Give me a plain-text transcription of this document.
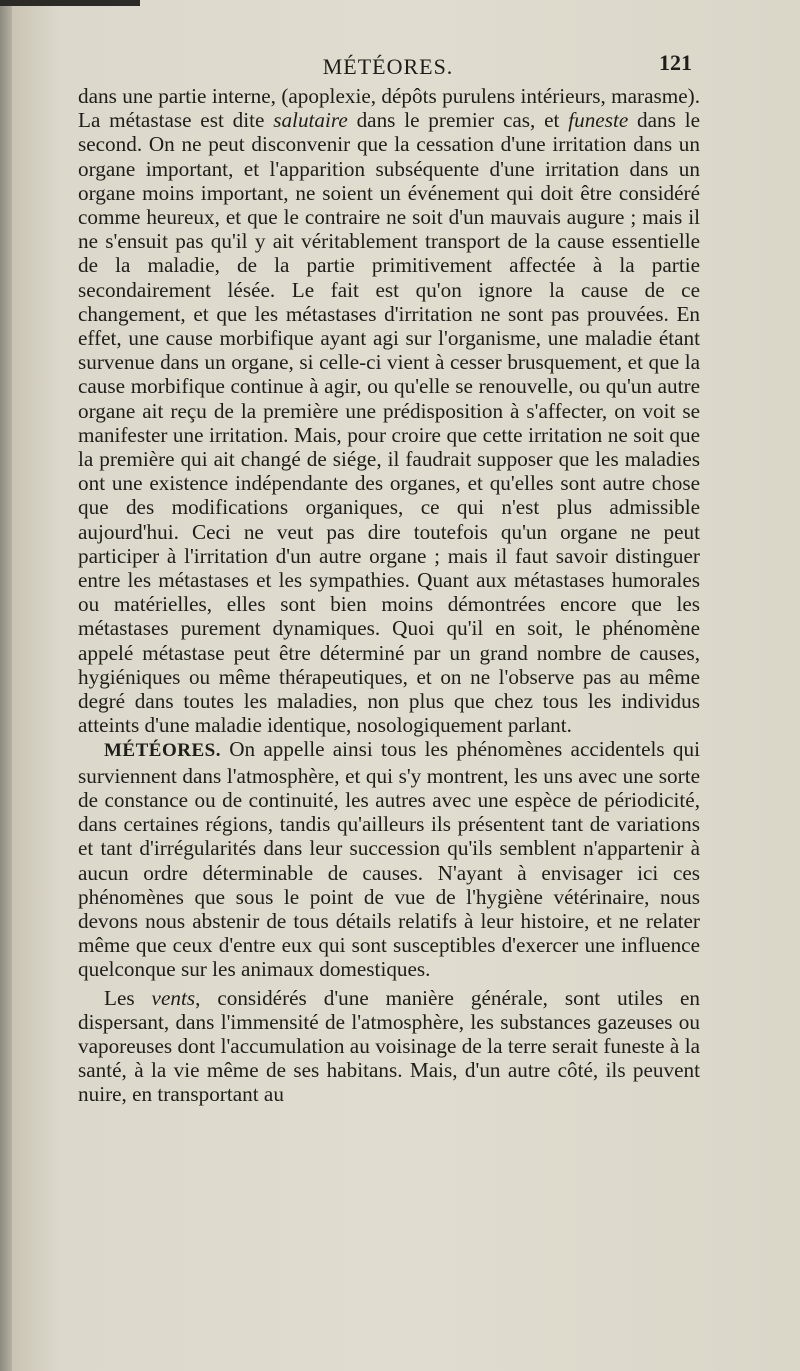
MÉTÉORES.	121

dans une partie interne, (apoplexie, dépôts purulens intérieurs, marasme). La métastase est dite salutaire dans le premier cas, et funeste dans le second. On ne peut disconvenir que la cessation d'une irritation dans un organe important, et l'apparition subséquente d'une irritation dans un organe moins important, ne soient un événement qui doit être considéré comme heureux, et que le contraire ne soit d'un mauvais augure ; mais il ne s'ensuit pas qu'il y ait véritablement transport de la cause essentielle de la maladie, de la partie primitivement affectée à la partie secondairement lésée. Le fait est qu'on ignore la cause de ce changement, et que les métastases d'irritation ne sont pas prouvées. En effet, une cause morbifique ayant agi sur l'organisme, une maladie étant survenue dans un organe, si celle-ci vient à cesser brusquement, et que la cause morbifique continue à agir, ou qu'elle se renouvelle, ou qu'un autre organe ait reçu de la première une prédisposition à s'affecter, on voit se manifester une irritation. Mais, pour croire que cette irritation ne soit que la première qui ait changé de siége, il faudrait supposer que les maladies ont une existence indépendante des organes, et qu'elles sont autre chose que des modifications organiques, ce qui n'est plus admissible aujourd'hui. Ceci ne veut pas dire toutefois qu'un organe ne peut participer à l'irritation d'un autre organe ; mais il faut savoir distinguer entre les métastases et les sympathies. Quant aux métastases humorales ou matérielles, elles sont bien moins démontrées encore que les métastases purement dynamiques. Quoi qu'il en soit, le phénomène appelé métastase peut être déterminé par un grand nombre de causes, hygiéniques ou même thérapeutiques, et on ne l'observe pas au même degré dans toutes les maladies, non plus que chez tous les individus atteints d'une maladie identique, nosologiquement parlant.

MÉTÉORES. On appelle ainsi tous les phénomènes accidentels qui surviennent dans l'atmosphère, et qui s'y montrent, les uns avec une sorte de constance ou de continuité, les autres avec une espèce de périodicité, dans certaines régions, tandis qu'ailleurs ils présentent tant de variations et tant d'irrégularités dans leur succession qu'ils semblent n'appartenir à aucun ordre déterminable de causes. N'ayant à envisager ici ces phénomènes que sous le point de vue de l'hygiène vétérinaire, nous devons nous abstenir de tous détails relatifs à leur histoire, et ne relater même que ceux d'entre eux qui sont susceptibles d'exercer une influence quelconque sur les animaux domestiques.

Les vents, considérés d'une manière générale, sont utiles en dispersant, dans l'immensité de l'atmosphère, les substances gazeuses ou vaporeuses dont l'accumulation au voisinage de la terre serait funeste à la santé, à la vie même de ses habitans. Mais, d'un autre côté, ils peuvent nuire, en transportant au
